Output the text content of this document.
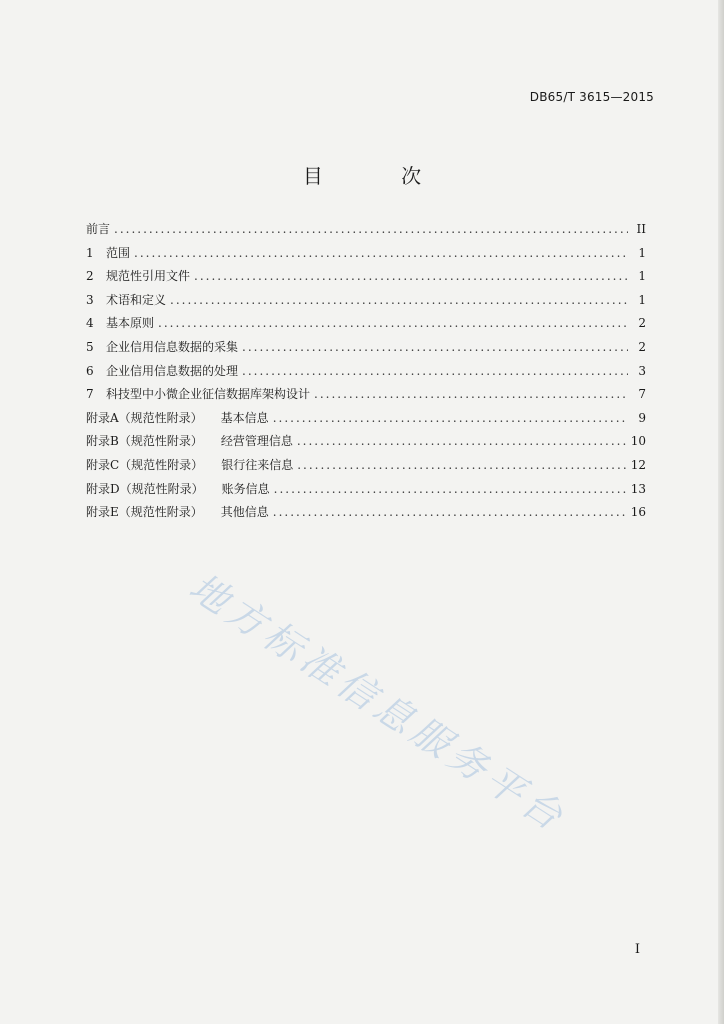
DB65/T 3615—2015
目 次
前言 .....	II
1	范围 .....	1
2	规范性引用文件 .....	1
3	术语和定义 .....	1
4	基本原则 .....	2
5	企业信用信息数据的采集 .....	2
6	企业信用信息数据的处理 .....	3
7	科技型中小微企业征信数据库架构设计 .....	7
附录A（规范性附录） 基本信息 .....	9
附录B（规范性附录） 经营管理信息 .....	10
附录C（规范性附录） 银行往来信息 .....	12
附录D（规范性附录） 账务信息 .....	13
附录E（规范性附录） 其他信息 .....	16
地方标准信息服务平台
I
